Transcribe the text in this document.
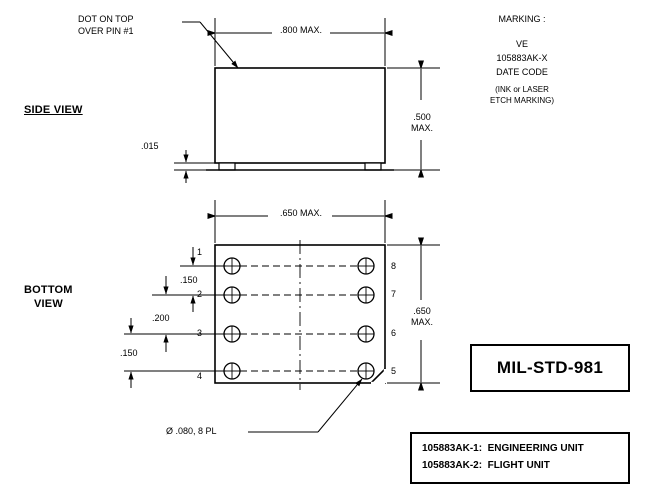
DOT ON TOP
OVER PIN #1	.800 MAX.
SIDE VIEW
.500
MAX.
.015
MARKING :
VE
105883AK-X
DATE CODE
(INK or LASER
ETCH MARKING)
.650 MAX.
BOTTOM
VIEW
.150
.200
.150
.650
MAX.
1
2
3
4
8
7
6
5
Ø .080, 8 PL
MIL-STD-981
105883AK-1:  ENGINEERING UNIT
105883AK-2:  FLIGHT UNIT
